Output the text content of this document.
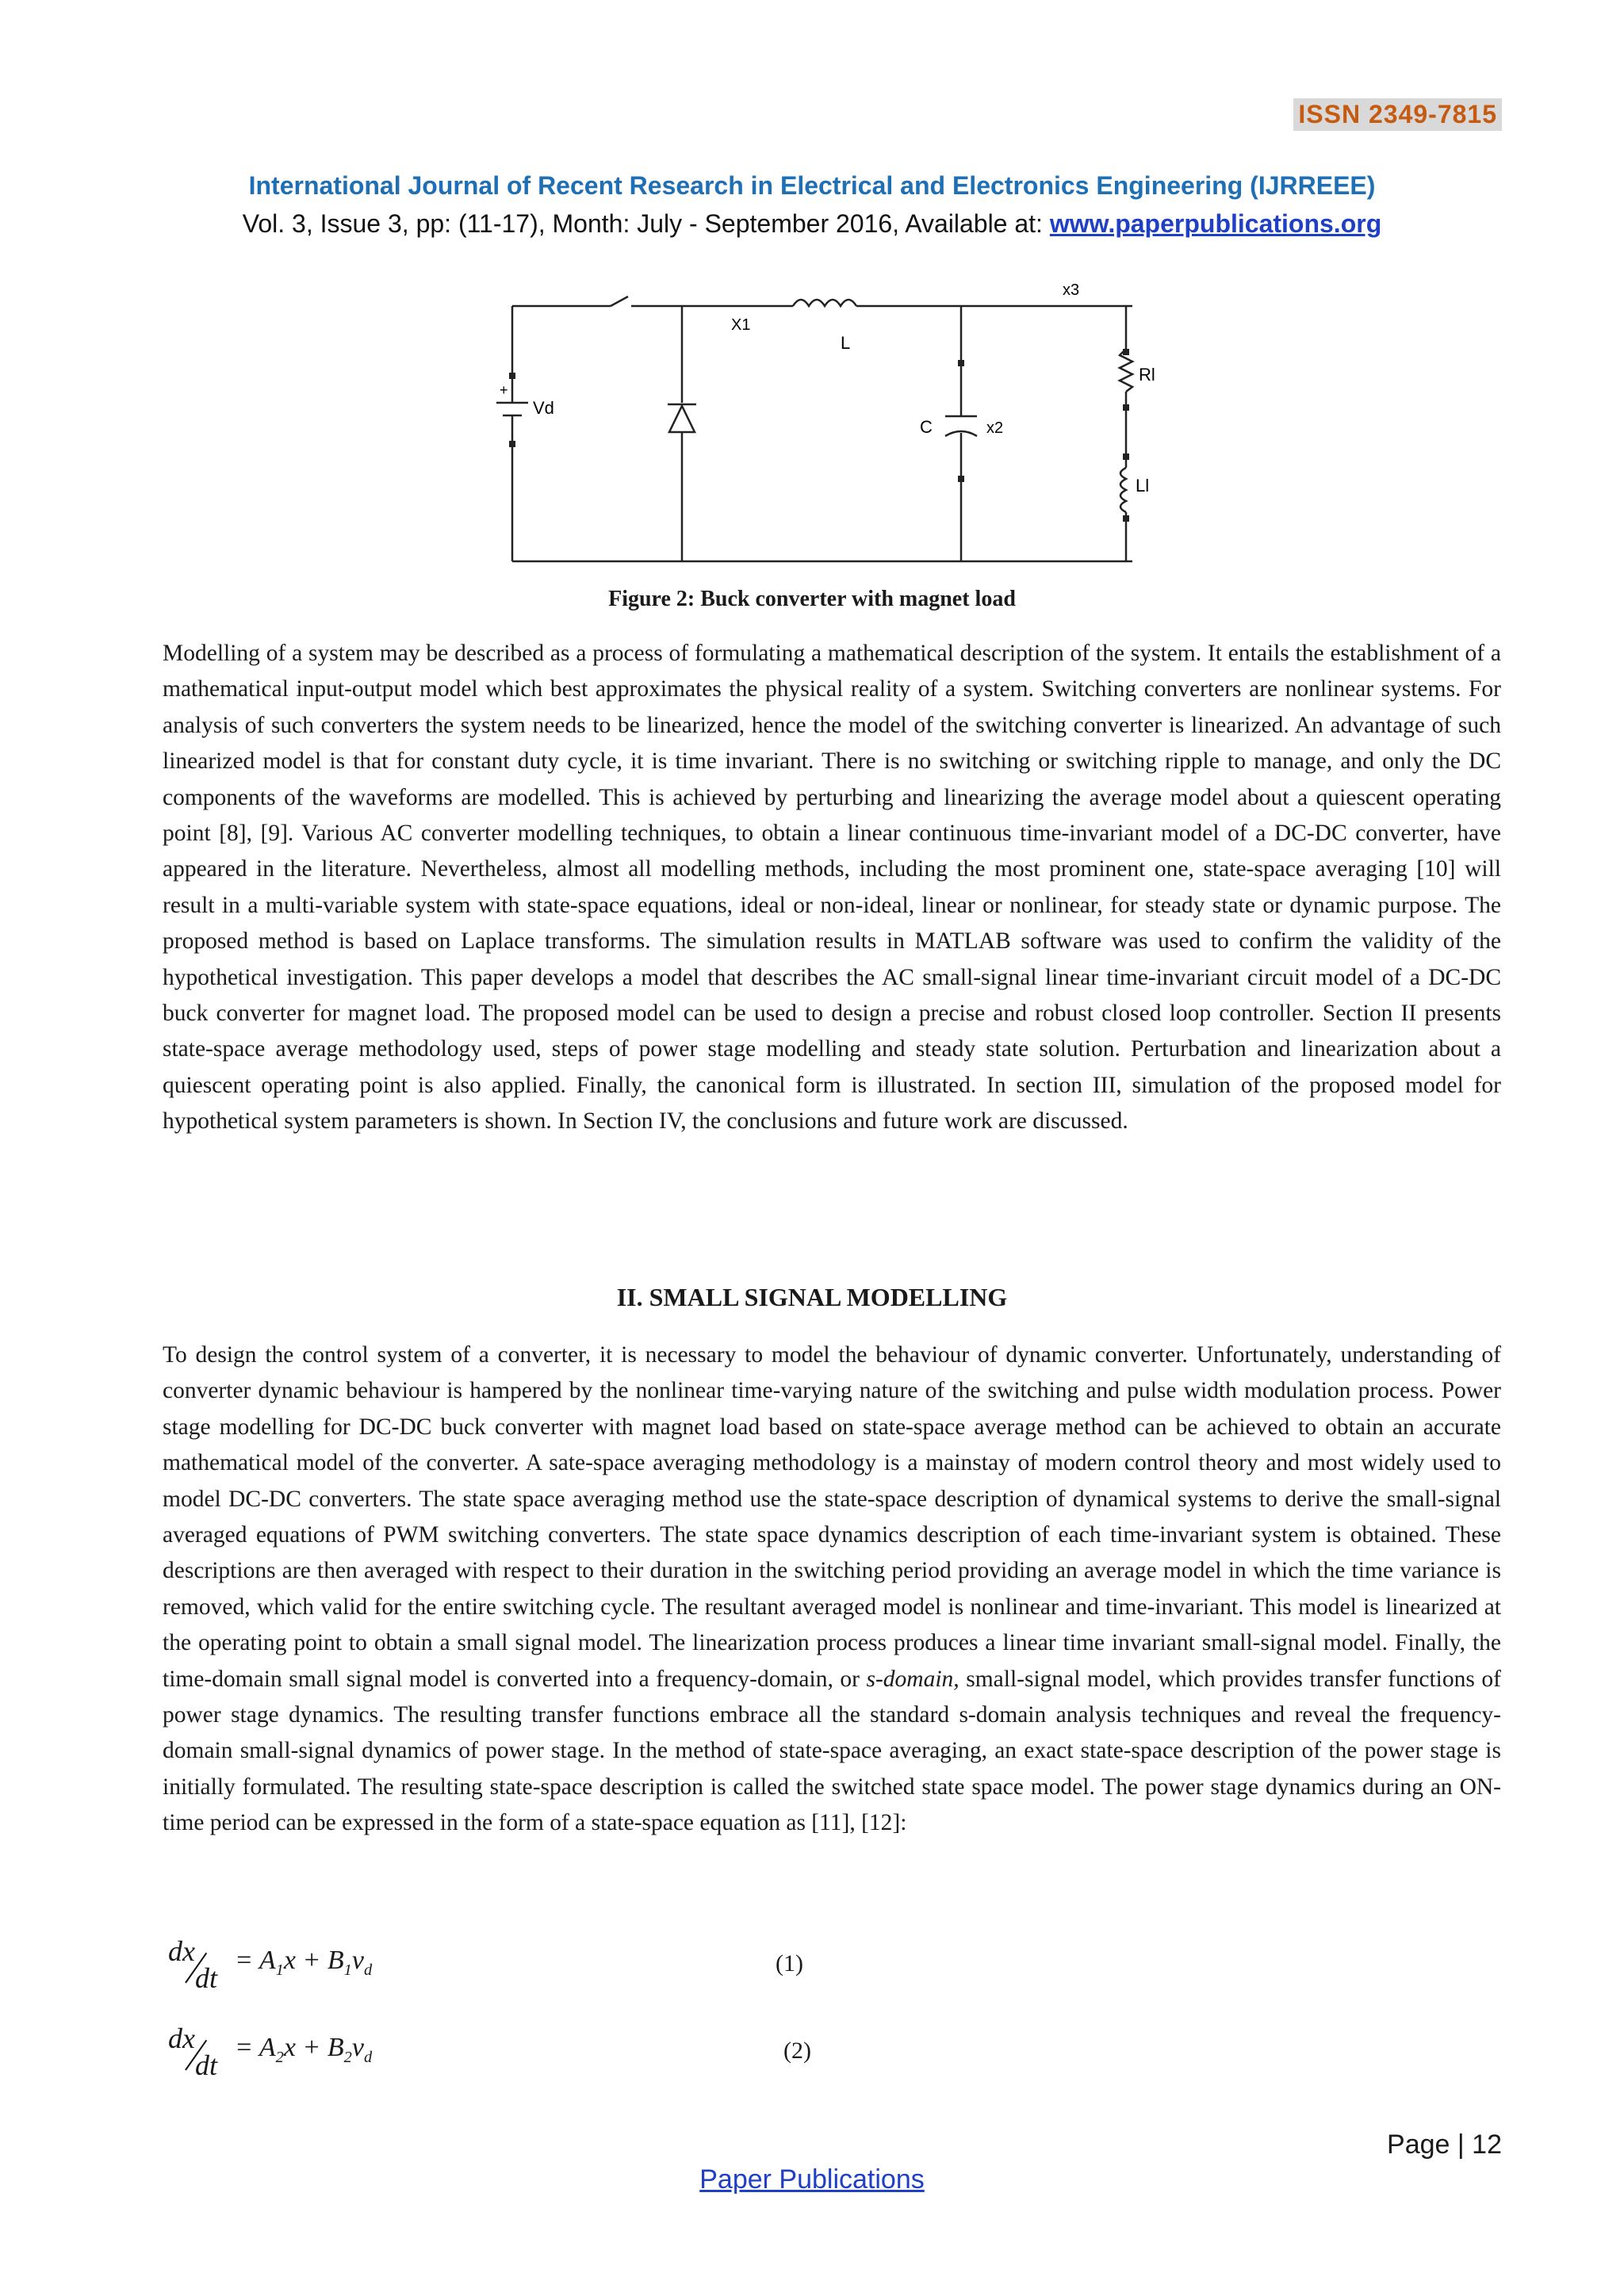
ISSN 2349-7815
International Journal of Recent Research in Electrical and Electronics Engineering (IJRREEE)
Vol. 3, Issue 3, pp: (11-17), Month: July - September 2016, Available at: www.paperpublications.org
x3
X1
L
Rl
Vd
+
C	x2
Ll
Figure 2: Buck converter with magnet load

Modelling of a system may be described as a process of formulating a mathematical description of the system. It entails the establishment of a mathematical input-output model which best approximates the physical reality of a system. Switching converters are nonlinear systems. For analysis of such converters the system needs to be linearized, hence the model of the switching converter is linearized. An advantage of such linearized model is that for constant duty cycle, it is time invariant. There is no switching or switching ripple to manage, and only the DC components of the waveforms are modelled. This is achieved by perturbing and linearizing the average model about a quiescent operating point [8], [9]. Various AC converter modelling techniques, to obtain a linear continuous time-invariant model of a DC-DC converter, have appeared in the literature. Nevertheless, almost all modelling methods, including the most prominent one, state-space averaging [10] will result in a multi-variable system with state-space equations, ideal or non-ideal, linear or nonlinear, for steady state or dynamic purpose. The proposed method is based on Laplace transforms. The simulation results in MATLAB software was used to confirm the validity of the hypothetical investigation. This paper develops a model that describes the AC small-signal linear time-invariant circuit model of a DC-DC buck converter for magnet load. The proposed model can be used to design a precise and robust closed loop controller. Section II presents state-space average methodology used, steps of power stage modelling and steady state solution. Perturbation and linearization about a quiescent operating point is also applied. Finally, the canonical form is illustrated. In section III, simulation of the proposed model for hypothetical system parameters is shown. In Section IV, the conclusions and future work are discussed.

II. SMALL SIGNAL MODELLING

To design the control system of a converter, it is necessary to model the behaviour of dynamic converter. Unfortunately, understanding of converter dynamic behaviour is hampered by the nonlinear time-varying nature of the switching and pulse width modulation process. Power stage modelling for DC-DC buck converter with magnet load based on state-space average method can be achieved to obtain an accurate mathematical model of the converter. A sate-space averaging methodology is a mainstay of modern control theory and most widely used to model DC-DC converters. The state space averaging method use the state-space description of dynamical systems to derive the small-signal averaged equations of PWM switching converters. The state space dynamics description of each time-invariant system is obtained. These descriptions are then averaged with respect to their duration in the switching period providing an average model in which the time variance is removed, which valid for the entire switching cycle. The resultant averaged model is nonlinear and time-invariant. This model is linearized at the operating point to obtain a small signal model. The linearization process produces a linear time invariant small-signal model. Finally, the time-domain small signal model is converted into a frequency-domain, or s-domain, small-signal model, which provides transfer functions of power stage dynamics. The resulting transfer functions embrace all the standard s-domain analysis techniques and reveal the frequency-domain small-signal dynamics of power stage. In the method of state-space averaging, an exact state-space description of the power stage is initially formulated. The resulting state-space description is called the switched state space model. The power stage dynamics during an ON-time period can be expressed in the form of a state-space equation as [11], [12]:

dx
dt
= $A_1x + B_1v_d$	(1)
dx
dt
= $A_2x + B_2v_d$	(2)
Page | 12
Paper Publications
